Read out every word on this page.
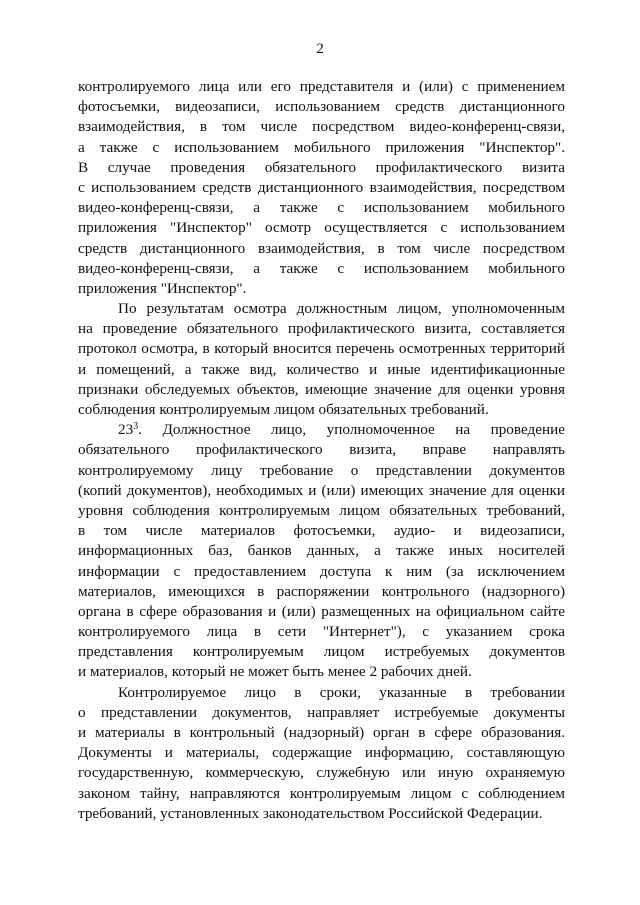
2
контролируемого лица или его представителя и (или) с применением
фотосъемки, видеозаписи, использованием средств дистанционного
взаимодействия, в том числе посредством видео-конференц-связи,
а также с использованием мобильного приложения "Инспектор".
В случае проведения обязательного профилактического визита
с использованием средств дистанционного взаимодействия, посредством
видео-конференц-связи, а также с использованием мобильного
приложения "Инспектор" осмотр осуществляется с использованием
средств дистанционного взаимодействия, в том числе посредством
видео-конференц-связи, а также с использованием мобильного
приложения "Инспектор".
По результатам осмотра должностным лицом, уполномоченным
на проведение обязательного профилактического визита, составляется
протокол осмотра, в который вносится перечень осмотренных территорий
и помещений, а также вид, количество и иные идентификационные
признаки обследуемых объектов, имеющие значение для оценки уровня
соблюдения контролируемым лицом обязательных требований.
$23^3$. Должностное лицо, уполномоченное на проведение
обязательного профилактического визита, вправе направлять
контролируемому лицу требование о представлении документов
(копий документов), необходимых и (или) имеющих значение для оценки
уровня соблюдения контролируемым лицом обязательных требований,
в том числе материалов фотосъемки, аудио- и видеозаписи,
информационных баз, банков данных, а также иных носителей
информации с предоставлением доступа к ним (за исключением
материалов, имеющихся в распоряжении контрольного (надзорного)
органа в сфере образования и (или) размещенных на официальном сайте
контролируемого лица в сети "Интернет"), с указанием срока
представления контролируемым лицом истребуемых документов
и материалов, который не может быть менее 2 рабочих дней.
Контролируемое лицо в сроки, указанные в требовании
о представлении документов, направляет истребуемые документы
и материалы в контрольный (надзорный) орган в сфере образования.
Документы и материалы, содержащие информацию, составляющую
государственную, коммерческую, служебную или иную охраняемую
законом тайну, направляются контролируемым лицом с соблюдением
требований, установленных законодательством Российской Федерации.
